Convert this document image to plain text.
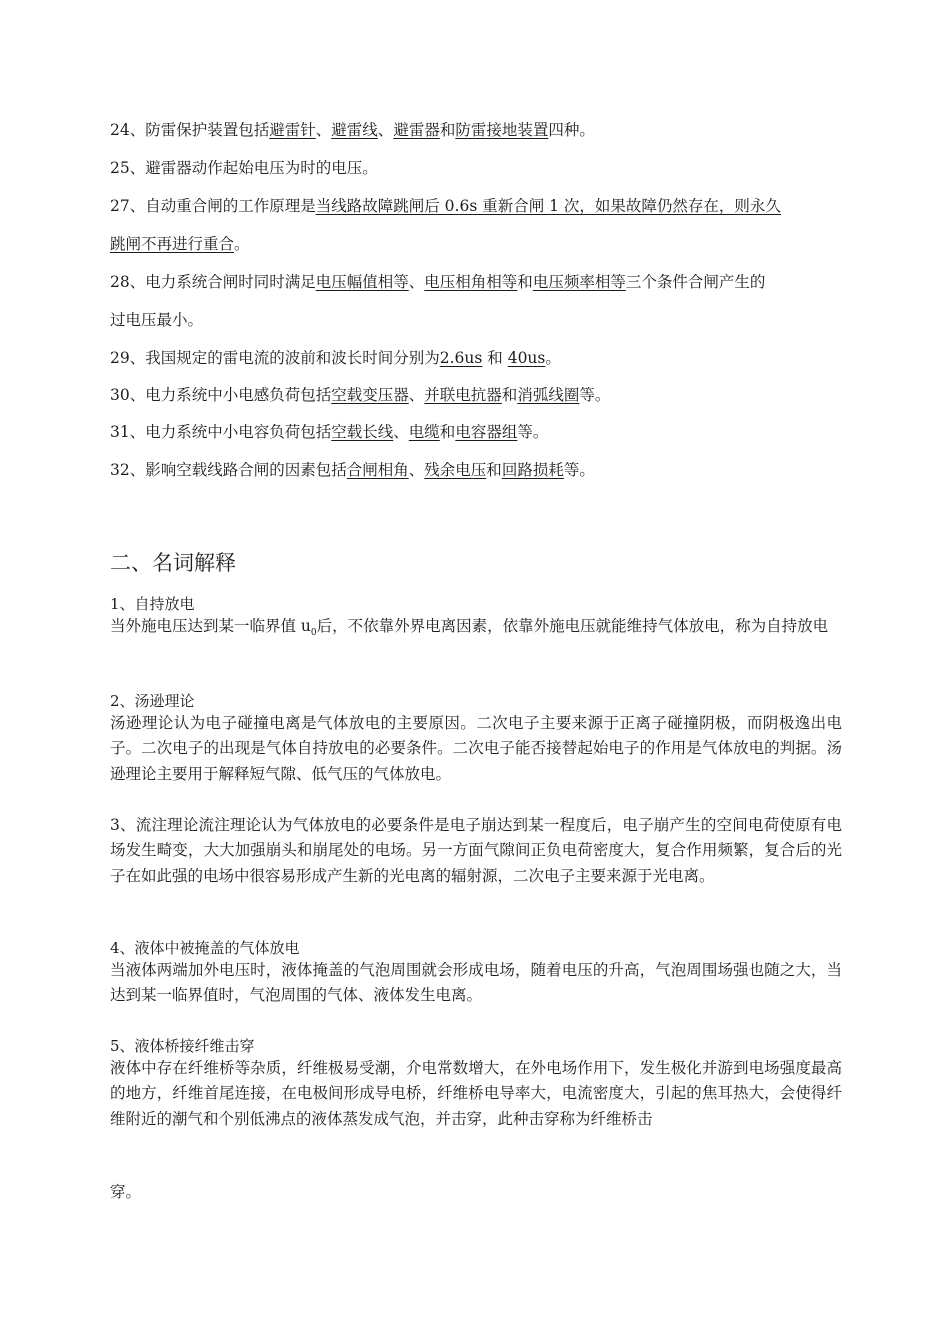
24、防雷保护装置包括避雷针、避雷线、避雷器和防雷接地装置四种。
25、避雷器动作起始电压为时的电压。
27、自动重合闸的工作原理是当线路故障跳闸后 0.6s 重新合闸 1 次，如果故障仍然存在，则永久
跳闸不再进行重合。
28、电力系统合闸时同时满足电压幅值相等、电压相角相等和电压频率相等三个条件合闸产生的
过电压最小。
29、我国规定的雷电流的波前和波长时间分别为2.6us 和 40us。
30、电力系统中小电感负荷包括空载变压器、并联电抗器和消弧线圈等。
31、电力系统中小电容负荷包括空载长线、电缆和电容器组等。
32、影响空载线路合闸的因素包括合闸相角、残余电压和回路损耗等。
二、名词解释
1、自持放电
当外施电压达到某一临界值 $u_0$后，不依靠外界电离因素，依靠外施电压就能维持气体放电，称为自持放电
2、汤逊理论
汤逊理论认为电子碰撞电离是气体放电的主要原因。二次电子主要来源于正离子碰撞阴极，而阴极逸出电子。二次电子的出现是气体自持放电的必要条件。二次电子能否接替起始电子的作用是气体放电的判据。汤逊理论主要用于解释短气隙、低气压的气体放电。
3、流注理论流注理论认为气体放电的必要条件是电子崩达到某一程度后，电子崩产生的空间电荷使原有电场发生畸变，大大加强崩头和崩尾处的电场。另一方面气隙间正负电荷密度大，复合作用频繁，复合后的光子在如此强的电场中很容易形成产生新的光电离的辐射源，二次电子主要来源于光电离。
4、液体中被掩盖的气体放电
当液体两端加外电压时，液体掩盖的气泡周围就会形成电场，随着电压的升高，气泡周围场强也随之大，当达到某一临界值时，气泡周围的气体、液体发生电离。
5、液体桥接纤维击穿
液体中存在纤维桥等杂质，纤维极易受潮，介电常数增大，在外电场作用下，发生极化并游到电场强度最高的地方，纤维首尾连接，在电极间形成导电桥，纤维桥电导率大，电流密度大，引起的焦耳热大，会使得纤维附近的潮气和个别低沸点的液体蒸发成气泡，并击穿，此种击穿称为纤维桥击
穿。
